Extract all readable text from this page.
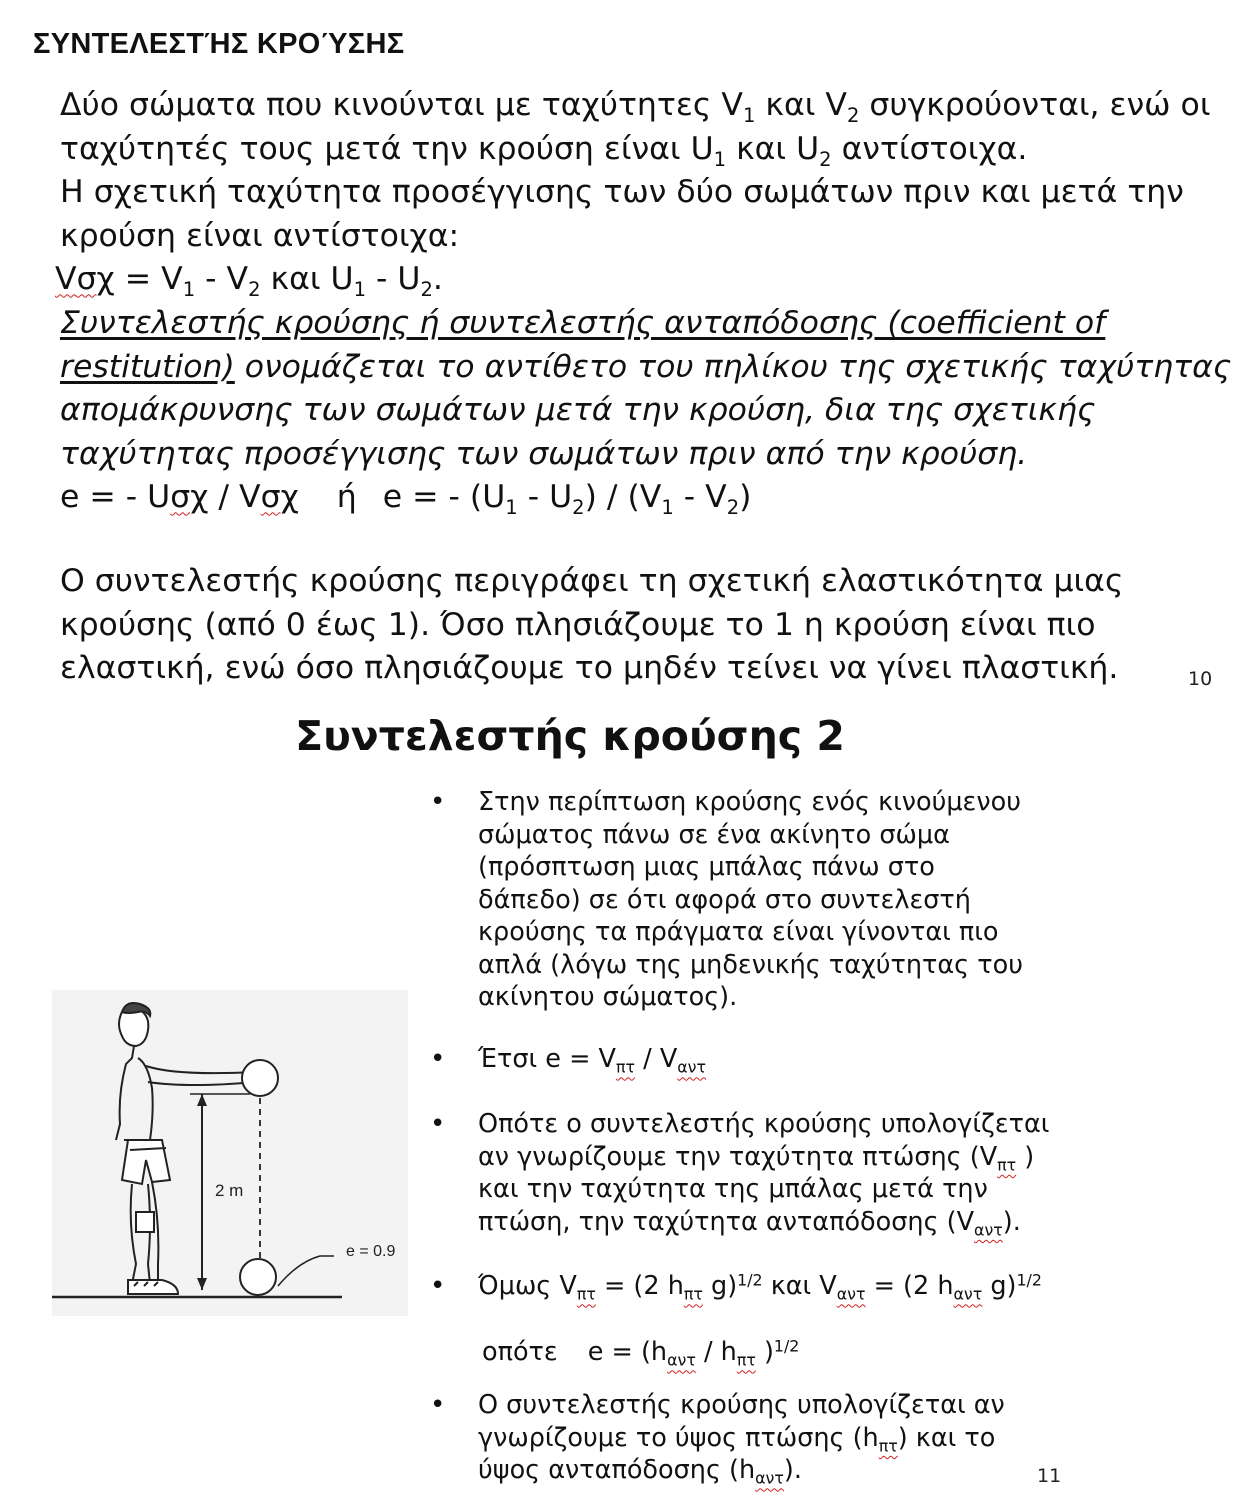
ΣΥΝΤΕΛΕΣΤΉΣ ΚΡΟΎΣΗΣ
Δύο σώματα που κινούνται με ταχύτητες $V_1$ και $V_2$ συγκρούονται, ενώ οι
ταχύτητές τους μετά την κρούση είναι $U_1$ και $U_2$ αντίστοιχα.
Η σχετική ταχύτητα προσέγγισης των δύο σωμάτων πριν και μετά την
κρούση είναι αντίστοιχα:
$V\sigma\chi = V_1 - V_2$ και $U_1 - U_2$.
Συντελεστής κρούσης ή συντελεστής ανταπόδοσης (coefficient of
restitution) ονομάζεται το αντίθετο του πηλίκου της σχετικής ταχύτητας
απομάκρυνσης των σωμάτων μετά την κρούση, δια της σχετικής
ταχύτητας προσέγγισης των σωμάτων πριν από την κρούση.
e = - Uσχ / Vσχ ή e = - $(U_1 - U_2) / (V_1 - V_2)$
Ο συντελεστής κρούσης περιγράφει τη σχετική ελαστικότητα μιας
κρούσης (από 0 έως 1). Όσο πλησιάζουμε το 1 η κρούση είναι πιο
ελαστική, ενώ όσο πλησιάζουμε το μηδέν τείνει να γίνει πλαστική.	10
Συντελεστής κρούσης 2
2 m
e = 0.9
• Στην περίπτωση κρούσης ενός κινούμενου
σώματος πάνω σε ένα ακίνητο σώμα
(πρόσπτωση μιας μπάλας πάνω στο
δάπεδο) σε ότι αφορά στο συντελεστή
κρούσης τα πράγματα είναι γίνονται πιο
απλά (λόγω της μηδενικής ταχύτητας του
ακίνητου σώματος).
• Έτσι $e = V_{\pi\tau} / V_{\alpha\nu\tau}$
• Οπότε ο συντελεστής κρούσης υπολογίζεται
αν γνωρίζουμε την ταχύτητα πτώσης ($V_{\pi\tau}$ )
και την ταχύτητα της μπάλας μετά την
πτώση, την ταχύτητα ανταπόδοσης $(V_{\alpha\nu\tau})$.
• Όμως $V_{\pi\tau} = (2$ $h_{\pi\tau}$ g)$^{1/2}$ και $V_{\alpha\nu\tau} = (2$ $h_{\alpha\nu\tau}$ g)$^{1/2}$
οπότε $e = (h_{\alpha\nu\tau} / h_{\pi\tau}$ )$^{1/2}$
• Ο συντελεστής κρούσης υπολογίζεται αν
γνωρίζουμε το ύψος πτώσης $(h_{\pi\tau})$ και το
ύψος ανταπόδοσης $(h_{\alpha\nu\tau})$.	11
